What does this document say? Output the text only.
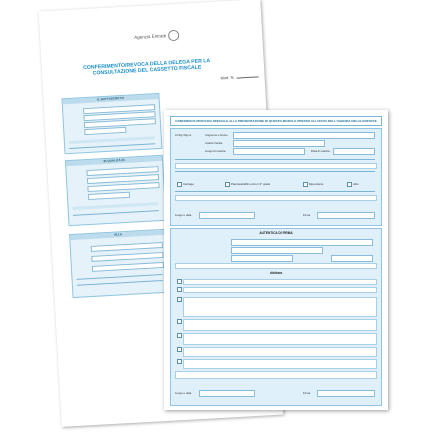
Agenzia Entrate
CONFERIMENTO/REVOCA DELLA DELEGA PER LA CONSULTAZIONE DEL CASSETTO FISCALE
Mod. N.
IL SOTTOSCRITTO
IN QUALITÀ DI
ALLA
CONFERISCE PROCURA SPECIALE ALLA PRESENTAZIONE DI QUESTO MODULO PRESSO GLI UFFICI DELL'AGENZIA DELLE ENTRATE
Al Sig./Sig.ra	Cognome e Nome
Codice fiscale
Luogo di nascita	Data di nascita
Carriage	Parentela/affini entro il 4° grado	Dipendente	Altro
Luogo e data	Firma
AUTENTICA DI FIRMA
dichiara
Luogo e data	Firma
